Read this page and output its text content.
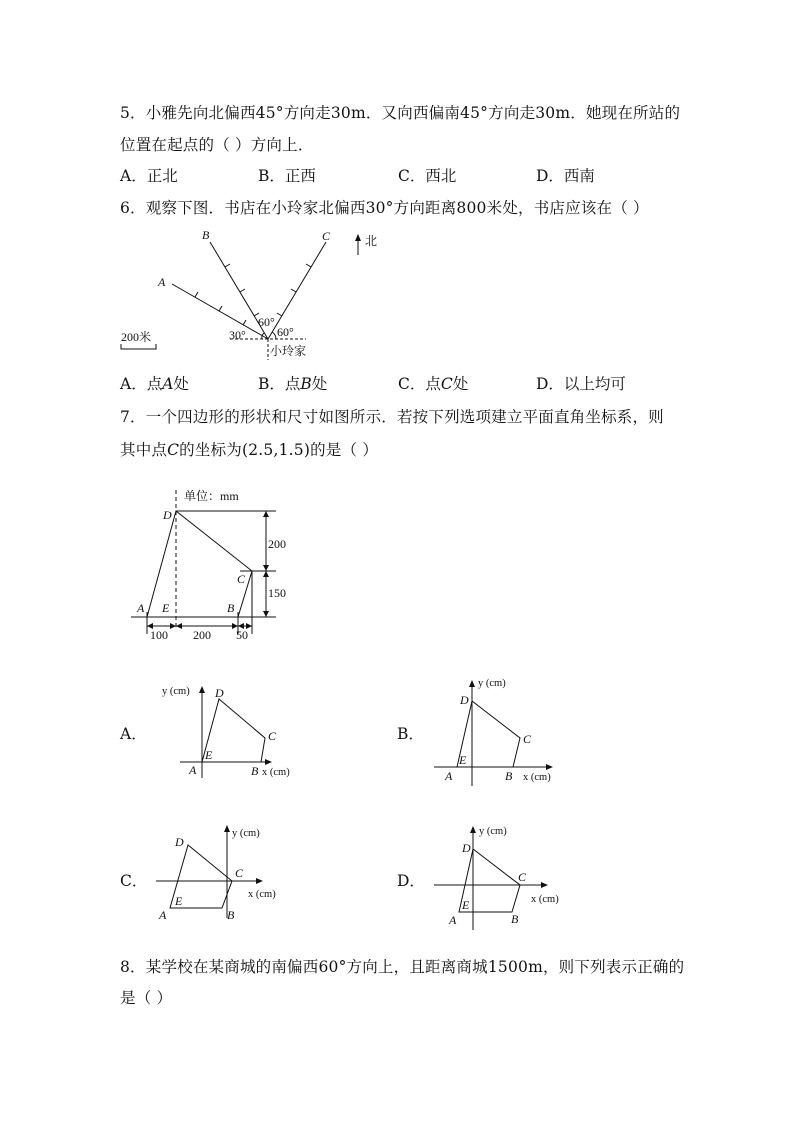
5．小雅先向北偏西45°方向走30m．又向西偏南45°方向走30m．她现在所站的
位置在起点的（ ）方向上．
A．正北	B．正西	C．西北	D．西南
6．观察下图．书店在小玲家北偏西30°方向距离800米处，书店应该在（ ）
A
B	C	北
60°
60°
30°
小玲家
200米
A．点A处	B．点B处	C．点C处	D．以上均可
7．一个四边形的形状和尺寸如图所示．若按下列选项建立平面直角坐标系，则
其中点C的坐标为(2.5,1.5)的是（ ）
单位：mm
D
C
A E	B
200
150
100 200 50
A．
y (cm)
x (cm)
D
C
A
E
B
B．
y (cm)
x (cm)
D
C
A
E
B
C．
y (cm)
x (cm)
D
C
A
E
B
D．
y (cm)
x (cm)
D
C
A
E
B
8．某学校在某商城的南偏西60°方向上，且距离商城1500m，则下列表示正确的
是（ ）
